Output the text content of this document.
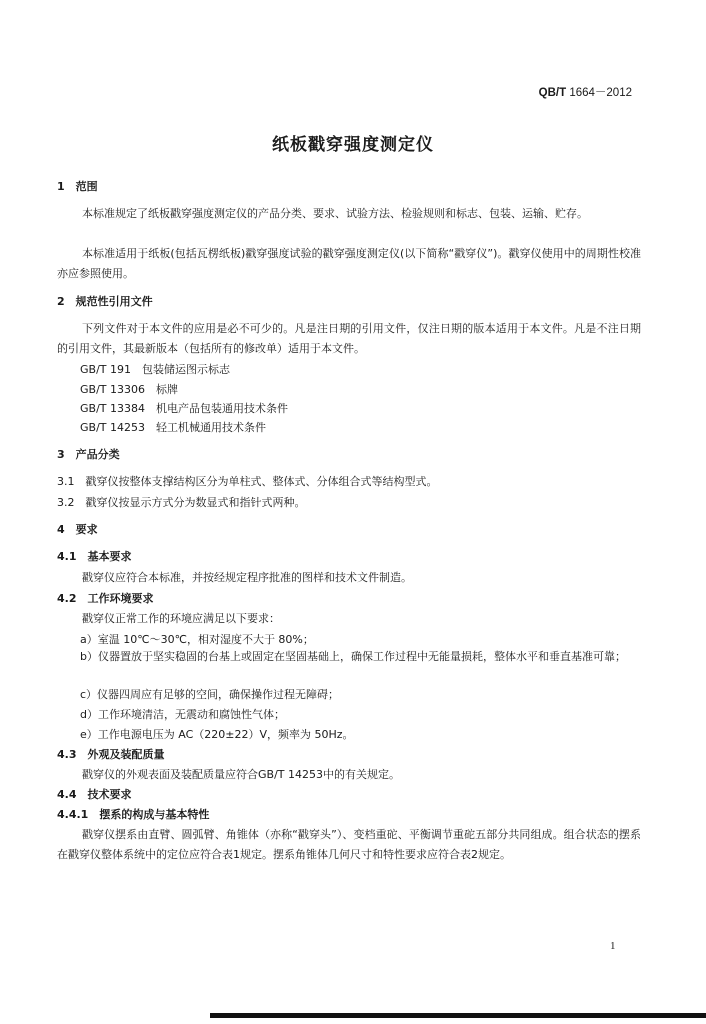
QB/T 1664－2012
纸板戳穿强度测定仪
1　范围
本标准规定了纸板戳穿强度测定仪的产品分类、要求、试验方法、检验规则和标志、包装、运输、贮存。
本标准适用于纸板(包括瓦楞纸板)戳穿强度试验的戳穿强度测定仪(以下简称“戳穿仪”)。戳穿仪使用中的周期性校准亦应参照使用。
2　规范性引用文件
下列文件对于本文件的应用是必不可少的。凡是注日期的引用文件，仅注日期的版本适用于本文件。凡是不注日期的引用文件，其最新版本（包括所有的修改单）适用于本文件。
GB/T 191　包装储运图示标志
GB/T 13306　标牌
GB/T 13384　机电产品包装通用技术条件
GB/T 14253　轻工机械通用技术条件
3　产品分类
3.1　戳穿仪按整体支撑结构区分为单柱式、整体式、分体组合式等结构型式。
3.2　戳穿仪按显示方式分为数显式和指针式两种。
4　要求
4.1　基本要求
戳穿仪应符合本标准，并按经规定程序批准的图样和技术文件制造。
4.2　工作环境要求
戳穿仪正常工作的环境应满足以下要求：
a）室温 10℃～30℃，相对湿度不大于 80%；
b）仪器置放于坚实稳固的台基上或固定在坚固基础上，确保工作过程中无能量损耗，整体水平和垂直基准可靠；
c）仪器四周应有足够的空间，确保操作过程无障碍；
d）工作环境清洁，无震动和腐蚀性气体；
e）工作电源电压为 AC（220±22）V，频率为 50Hz。
4.3　外观及装配质量
戳穿仪的外观表面及装配质量应符合GB/T 14253中的有关规定。
4.4　技术要求
4.4.1　摆系的构成与基本特性
戳穿仪摆系由直臂、圆弧臂、角锥体（亦称“戳穿头”）、变档重砣、平衡调节重砣五部分共同组成。组合状态的摆系在戳穿仪整体系统中的定位应符合表1规定。摆系角锥体几何尺寸和特性要求应符合表2规定。
1
